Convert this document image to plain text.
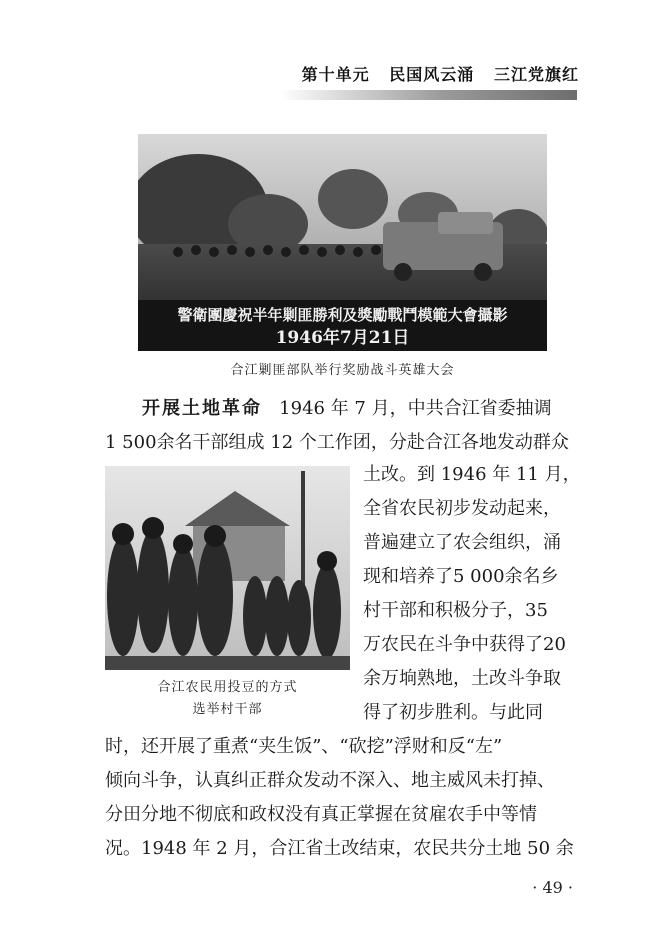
第十单元   民国风云涌   三江党旗红
警衛團慶祝半年剿匪勝利及獎勵戰鬥模範大會攝影
1946年7月21日
合江剿匪部队举行奖励战斗英雄大会
合江农民用投豆的方式
选举村干部
开展土地革命 1946 年 7 月，中共合江省委抽调
1 500余名干部组成 12 个工作团，分赴合江各地发动群众
土改。到 1946 年 11 月，
全省农民初步发动起来，
普遍建立了农会组织，涌
现和培养了5 000余名乡
村干部和积极分子，35
万农民在斗争中获得了20
余万垧熟地，土改斗争取
得了初步胜利。与此同
时，还开展了重煮“夹生饭”、“砍挖”浮财和反“左”
倾向斗争，认真纠正群众发动不深入、地主威风未打掉、
分田分地不彻底和政权没有真正掌握在贫雇农手中等情
况。1948 年 2 月，合江省土改结束，农民共分土地 50 余
· 49 ·
